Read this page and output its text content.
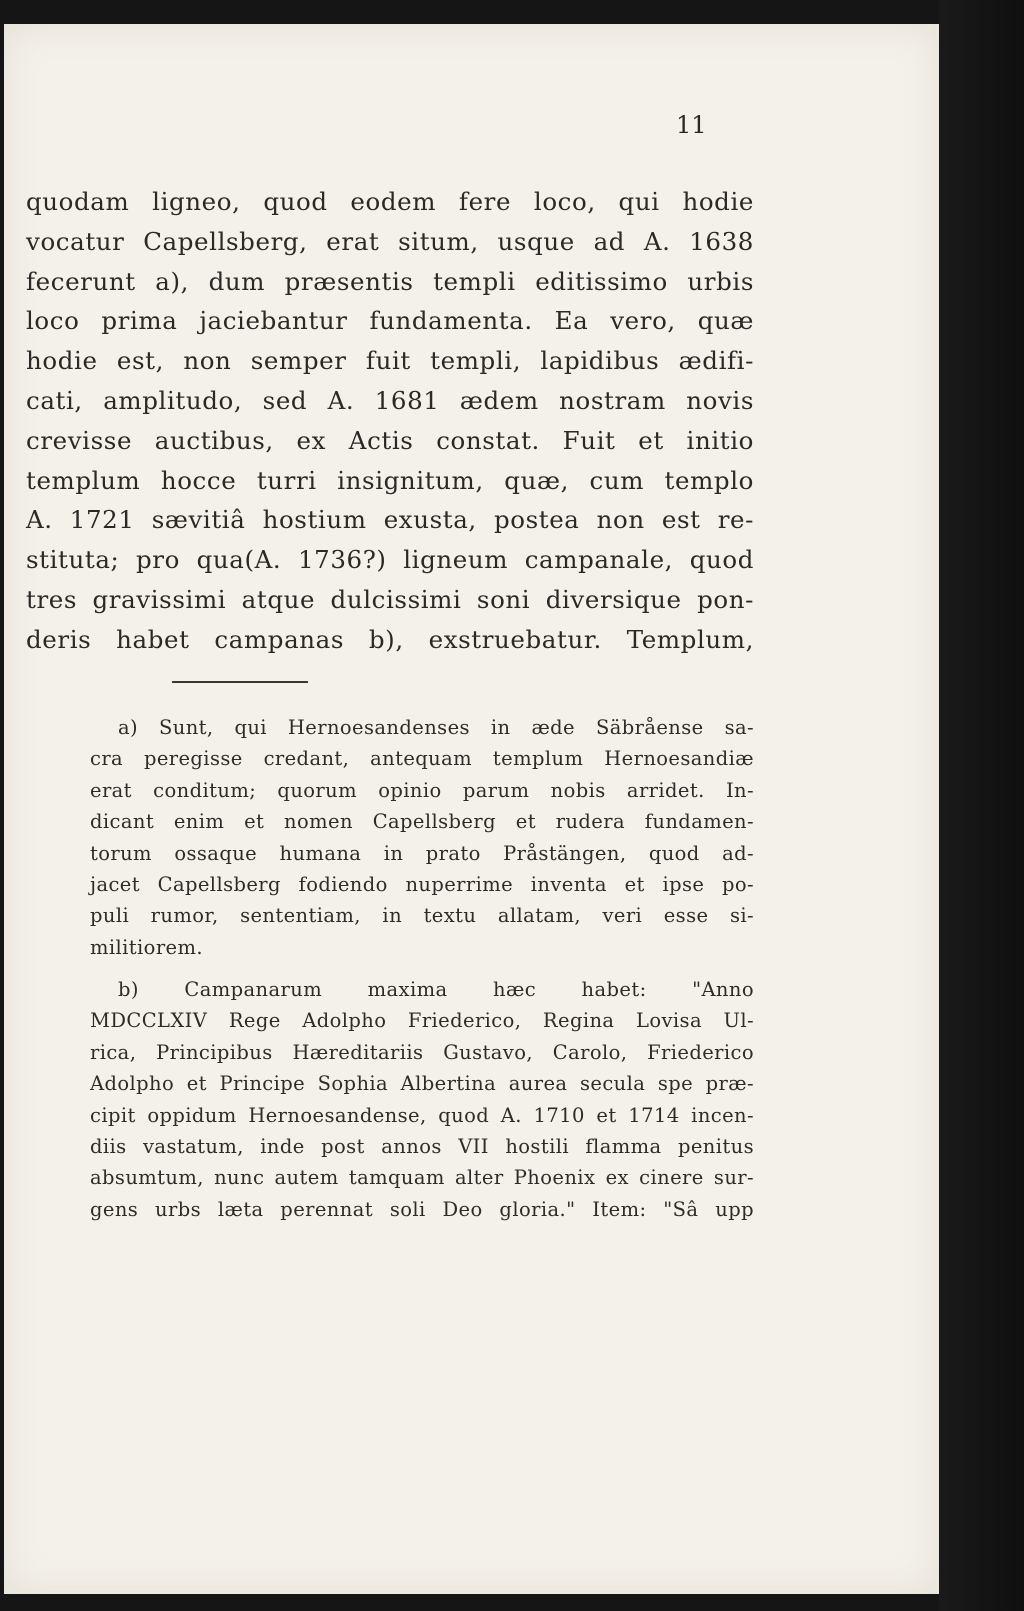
11

quodam ligneo, quod eodem fere loco, qui hodie
vocatur Capellsberg, erat situm, usque ad A. 1638
fecerunt a), dum præsentis templi editissimo urbis
loco prima jaciebantur fundamenta. Ea vero, quæ
hodie est, non semper fuit templi, lapidibus ædifi-
cati, amplitudo, sed A. 1681 ædem nostram novis
crevisse auctibus, ex Actis constat. Fuit et initio
templum hocce turri insignitum, quæ, cum templo
A. 1721 sævitiâ hostium exusta, postea non est re-
stituta; pro qua(A. 1736?) ligneum campanale, quod
tres gravissimi atque dulcissimi soni diversique pon-
deris habet campanas b), exstruebatur. Templum,

a) Sunt, qui Hernoesandenses in æde Säbråense sa-
cra peregisse credant, antequam templum Hernoesandiæ
erat conditum; quorum opinio parum nobis arridet. In-
dicant enim et nomen Capellsberg et rudera fundamen-
torum ossaque humana in prato Pråstängen, quod ad-
jacet Capellsberg fodiendo nuperrime inventa et ipse po-
puli rumor, sententiam, in textu allatam, veri esse si-
militiorem.

b) Campanarum maxima hæc habet: "Anno
MDCCLXIV Rege Adolpho Friederico, Regina Lovisa Ul-
rica, Principibus Hæreditariis Gustavo, Carolo, Friederico
Adolpho et Principe Sophia Albertina aurea secula spe præ-
cipit oppidum Hernoesandense, quod A. 1710 et 1714 incen-
diis vastatum, inde post annos VII hostili flamma penitus
absumtum, nunc autem tamquam alter Phoenix ex cinere sur-
gens urbs læta perennat soli Deo gloria." Item: "Sâ upp
